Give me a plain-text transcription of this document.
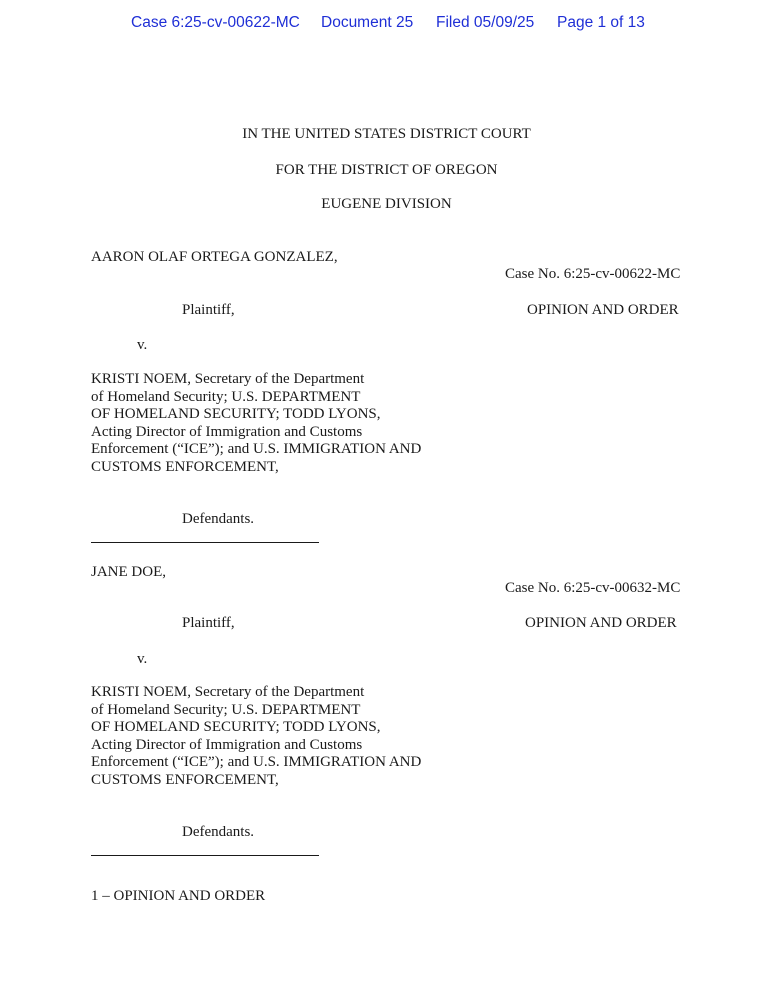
Case 6:25-cv-00622-MC Document 25 Filed 05/09/25 Page 1 of 13
IN THE UNITED STATES DISTRICT COURT
FOR THE DISTRICT OF OREGON
EUGENE DIVISION
AARON OLAF ORTEGA GONZALEZ,
Case No. 6:25-cv-00622-MC
Plaintiff,	OPINION AND ORDER
v.
KRISTI NOEM, Secretary of the Department
of Homeland Security; U.S. DEPARTMENT
OF HOMELAND SECURITY; TODD LYONS,
Acting Director of Immigration and Customs
Enforcement (“ICE”); and U.S. IMMIGRATION AND
CUSTOMS ENFORCEMENT,
Defendants.
JANE DOE,
Case No. 6:25-cv-00632-MC
Plaintiff,	OPINION AND ORDER
v.
KRISTI NOEM, Secretary of the Department
of Homeland Security; U.S. DEPARTMENT
OF HOMELAND SECURITY; TODD LYONS,
Acting Director of Immigration and Customs
Enforcement (“ICE”); and U.S. IMMIGRATION AND
CUSTOMS ENFORCEMENT,
Defendants.
1 – OPINION AND ORDER
